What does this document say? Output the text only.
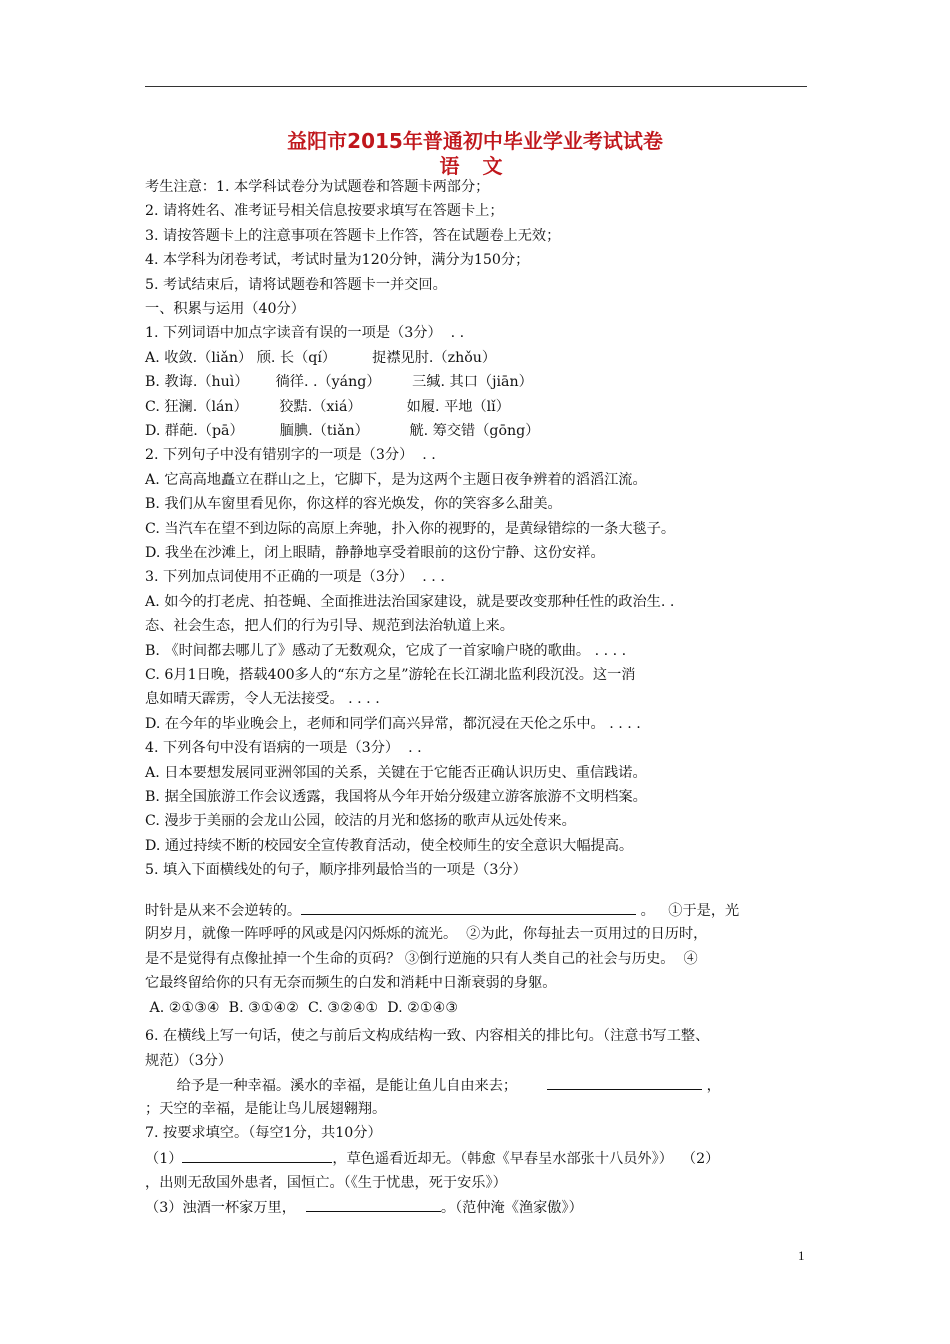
益阳市2015年普通初中毕业学业考试试卷
语 文
考生注意：1. 本学科试卷分为试题卷和答题卡两部分；
2. 请将姓名、准考证号相关信息按要求填写在答题卡上；
3. 请按答题卡上的注意事项在答题卡上作答，答在试题卷上无效；
4. 本学科为闭卷考试，考试时量为120分钟，满分为150分；
5. 考试结束后，请将试题卷和答题卡一并交回。
一、积累与运用（40分）
1. 下列词语中加点字读音有误的一项是（3分）  . .
A. 收敛.（liǎn） 颀. 长（qí）        捉襟见肘.（zhǒu）
B. 教诲.（huì）      徜徉. .（yáng）       三缄. 其口（jiān）
C. 狂澜.（lán）       狡黠.（xiá）          如履. 平地（lǐ）
D. 群葩.（pā）        腼腆.（tiǎn）         觥. 筹交错（gōng）
2. 下列句子中没有错别字的一项是（3分）  . .
A. 它高高地矗立在群山之上，它脚下，是为这两个主题日夜争辨着的滔滔江流。
B. 我们从车窗里看见你，你这样的容光焕发，你的笑容多么甜美。
C. 当汽车在望不到边际的高原上奔驰，扑入你的视野的，是黄绿错综的一条大毯子。
D. 我坐在沙滩上，闭上眼睛，静静地享受着眼前的这份宁静、这份安祥。
3. 下列加点词使用不正确的一项是（3分）  . . .
A. 如今的打老虎、拍苍蝇、全面推进法治国家建设，就是要改变那种任性的政治生. .
态、社会生态，把人们的行为引导、规范到法治轨道上来。
B. 《时间都去哪儿了》感动了无数观众，它成了一首家喻户晓的歌曲。 . . . .
C. 6月1日晚，搭载400多人的“东方之星”游轮在长江湖北监利段沉没。这一消
息如晴天霹雳，令人无法接受。 . . . .
D. 在今年的毕业晚会上，老师和同学们高兴异常，都沉浸在天伦之乐中。 . . . .
4. 下列各句中没有语病的一项是（3分）  . .
A. 日本要想发展同亚洲邻国的关系，关键在于它能否正确认识历史、重信践诺。
B. 据全国旅游工作会议透露，我国将从今年开始分级建立游客旅游不文明档案。
C. 漫步于美丽的会龙山公园，皎洁的月光和悠扬的歌声从远处传来。
D. 通过持续不断的校园安全宣传教育活动，使全校师生的安全意识大幅提高。
5. 填入下面横线处的句子，顺序排列最恰当的一项是（3分）
时针是从来不会逆转的。	。   ①于是，光
阴岁月，就像一阵呼呼的风或是闪闪烁烁的流光。  ②为此，你每扯去一页用过的日历时，
是不是觉得有点像扯掉一个生命的页码？ ③倒行逆施的只有人类自己的社会与历史。  ④
它最终留给你的只有无奈而频生的白发和消耗中日渐衰弱的身躯。
A. ②①③④  B. ③①④②  C. ③②④①  D. ②①④③
6. 在横线上写一句话，使之与前后文构成结构一致、内容相关的排比句。（注意书写工整、
规范）（3分）
给予是一种幸福。溪水的幸福，是能让鱼儿自由来去；	，
；天空的幸福，是能让鸟儿展翅翱翔。
7. 按要求填空。（每空1分，共10分）
（1）	，草色遥看近却无。（韩愈《早春呈水部张十八员外》）  （2）
，出则无敌国外患者，国恒亡。（《生于忧患，死于安乐》）
（3）浊酒一杯家万里，	。（范仲淹《渔家傲》）
1
